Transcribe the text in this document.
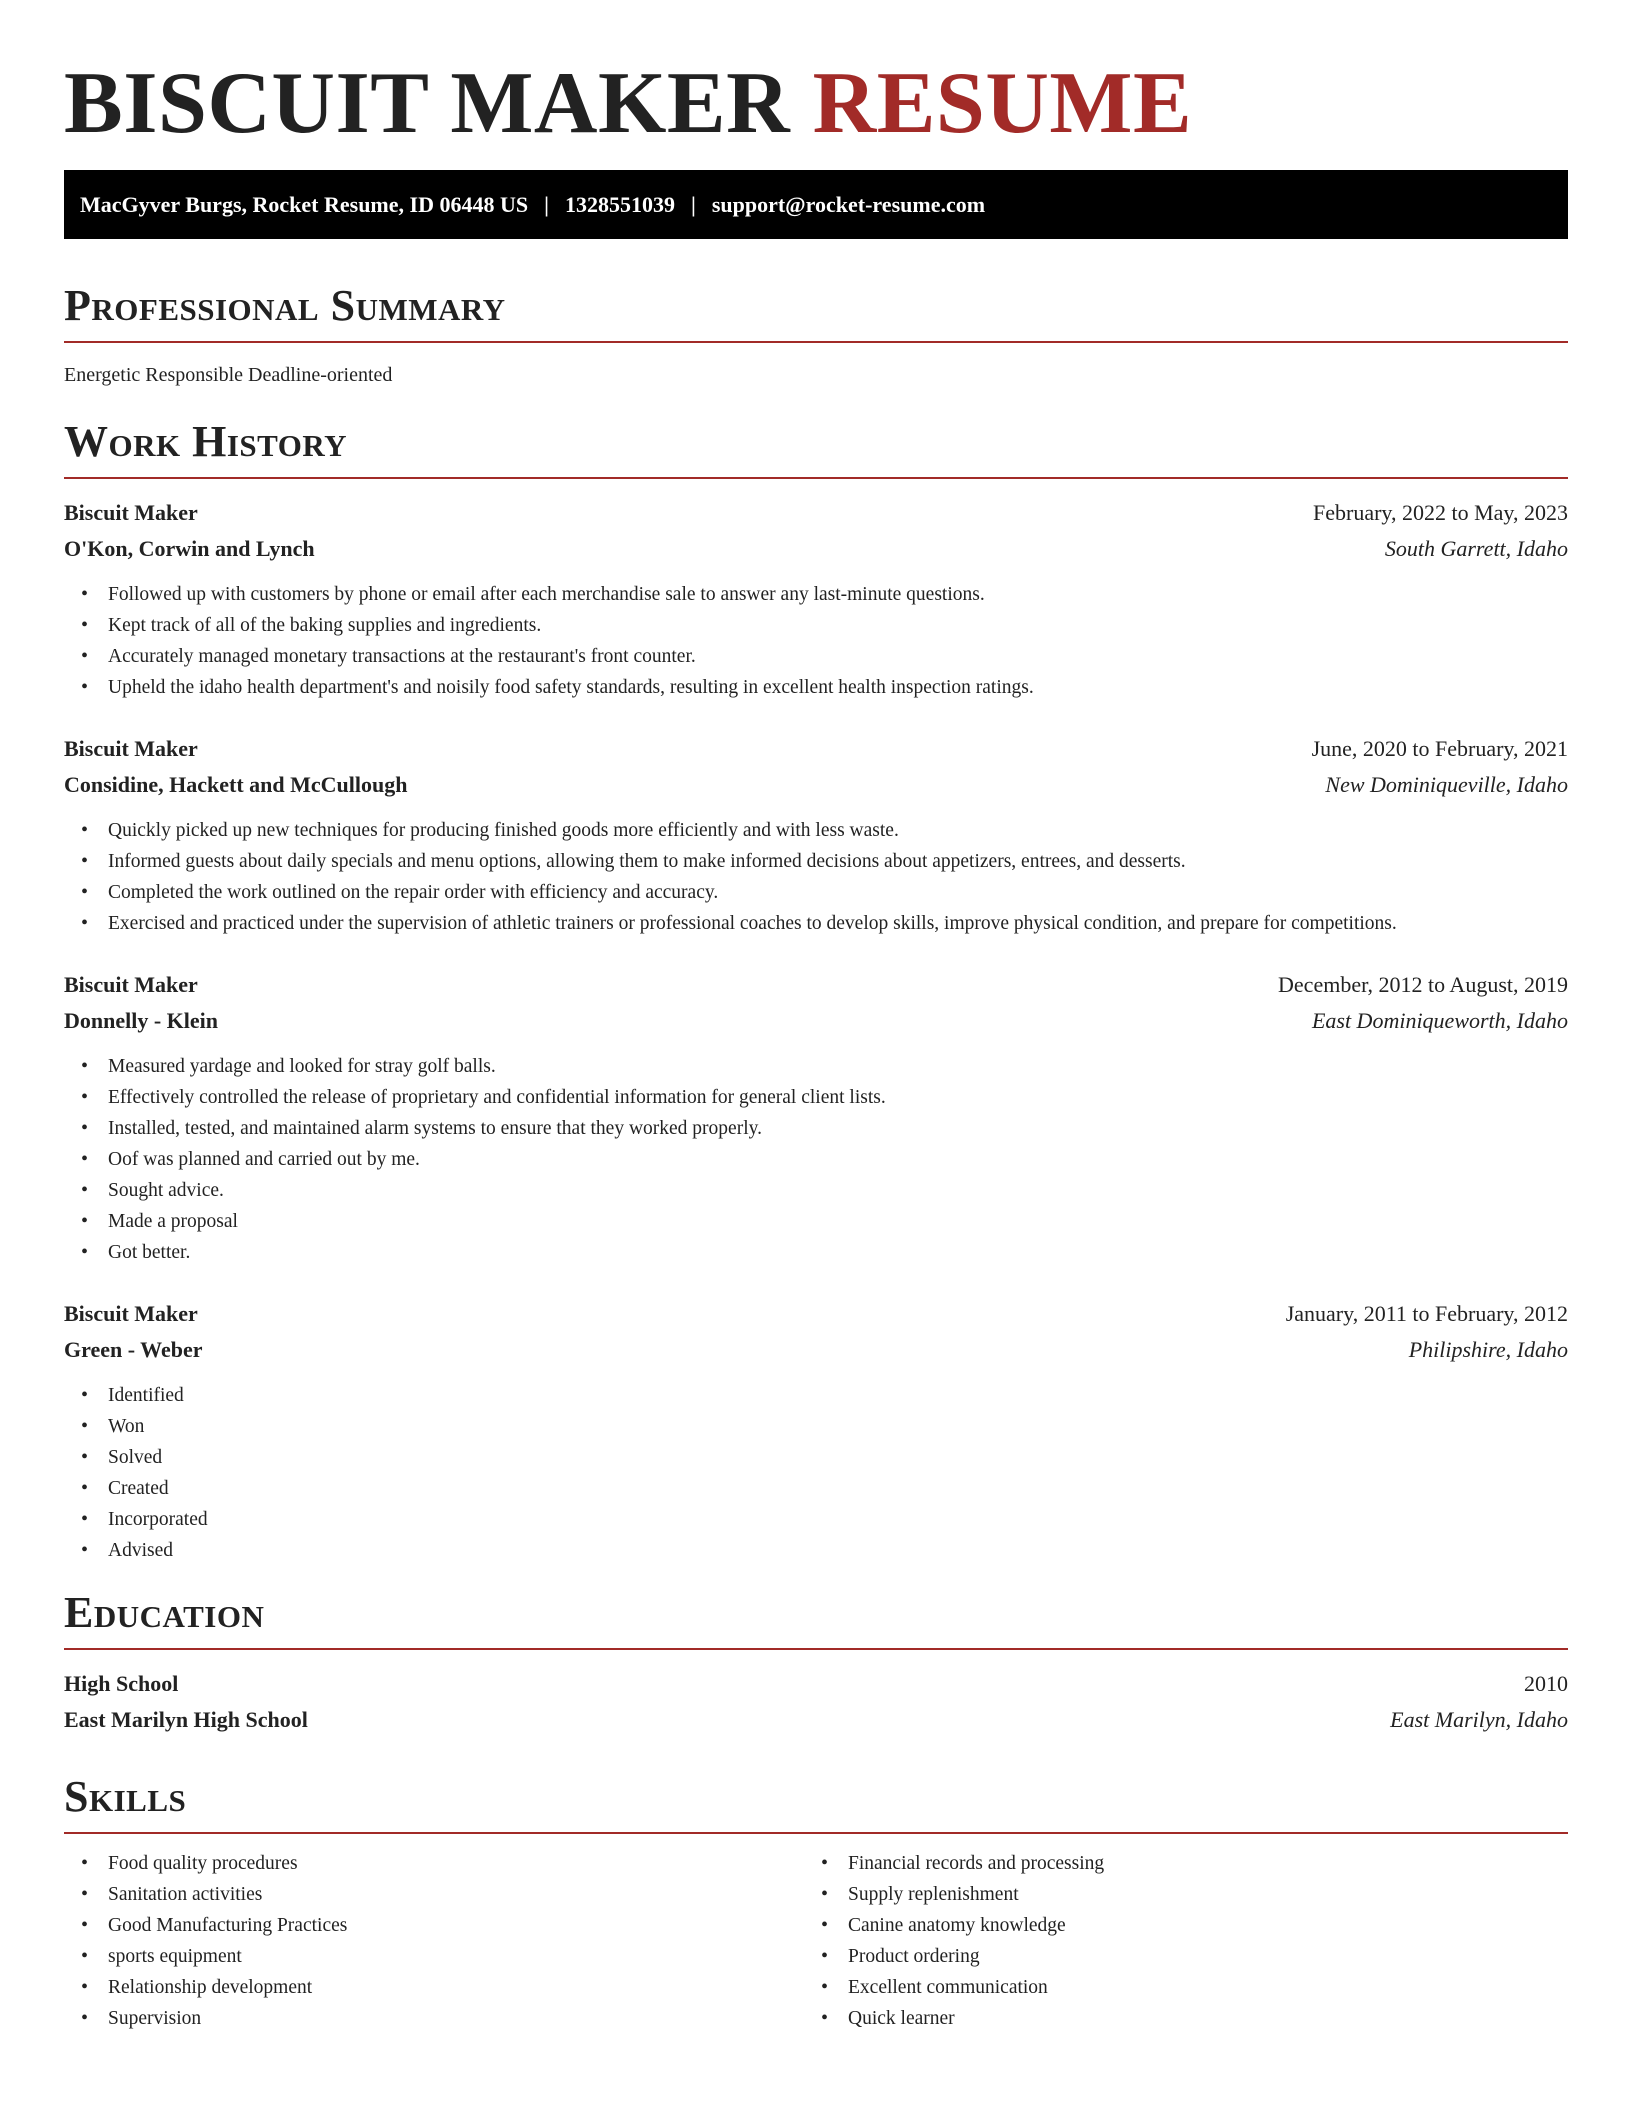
BISCUIT MAKER RESUME
MacGyver Burgs, Rocket Resume, ID 06448 US | 1328551039 | support@rocket-resume.com
Professional Summary

Energetic Responsible Deadline-oriented

Work History
Biscuit Maker	February, 2022 to May, 2023
O'Kon, Corwin and Lynch	South Garrett, Idaho
• Followed up with customers by phone or email after each merchandise sale to answer any last-minute questions.
• Kept track of all of the baking supplies and ingredients.
• Accurately managed monetary transactions at the restaurant's front counter.
• Upheld the idaho health department's and noisily food safety standards, resulting in excellent health inspection ratings.
Biscuit Maker	June, 2020 to February, 2021
Considine, Hackett and McCullough	New Dominiqueville, Idaho
• Quickly picked up new techniques for producing finished goods more efficiently and with less waste.
• Informed guests about daily specials and menu options, allowing them to make informed decisions about appetizers, entrees, and desserts.
• Completed the work outlined on the repair order with efficiency and accuracy.
• Exercised and practiced under the supervision of athletic trainers or professional coaches to develop skills, improve physical condition, and prepare for competitions.
Biscuit Maker	December, 2012 to August, 2019
Donnelly - Klein	East Dominiqueworth, Idaho
• Measured yardage and looked for stray golf balls.
• Effectively controlled the release of proprietary and confidential information for general client lists.
• Installed, tested, and maintained alarm systems to ensure that they worked properly.
• Oof was planned and carried out by me.
• Sought advice.
• Made a proposal
• Got better.
Biscuit Maker	January, 2011 to February, 2012
Green - Weber	Philipshire, Idaho
• Identified
• Won
• Solved
• Created
• Incorporated
• Advised
Education
High School	2010
East Marilyn High School	East Marilyn, Idaho
Skills
• Food quality procedures
• Sanitation activities
• Good Manufacturing Practices
• sports equipment
• Relationship development
• Supervision
• Financial records and processing
• Supply replenishment
• Canine anatomy knowledge
• Product ordering
• Excellent communication
• Quick learner
